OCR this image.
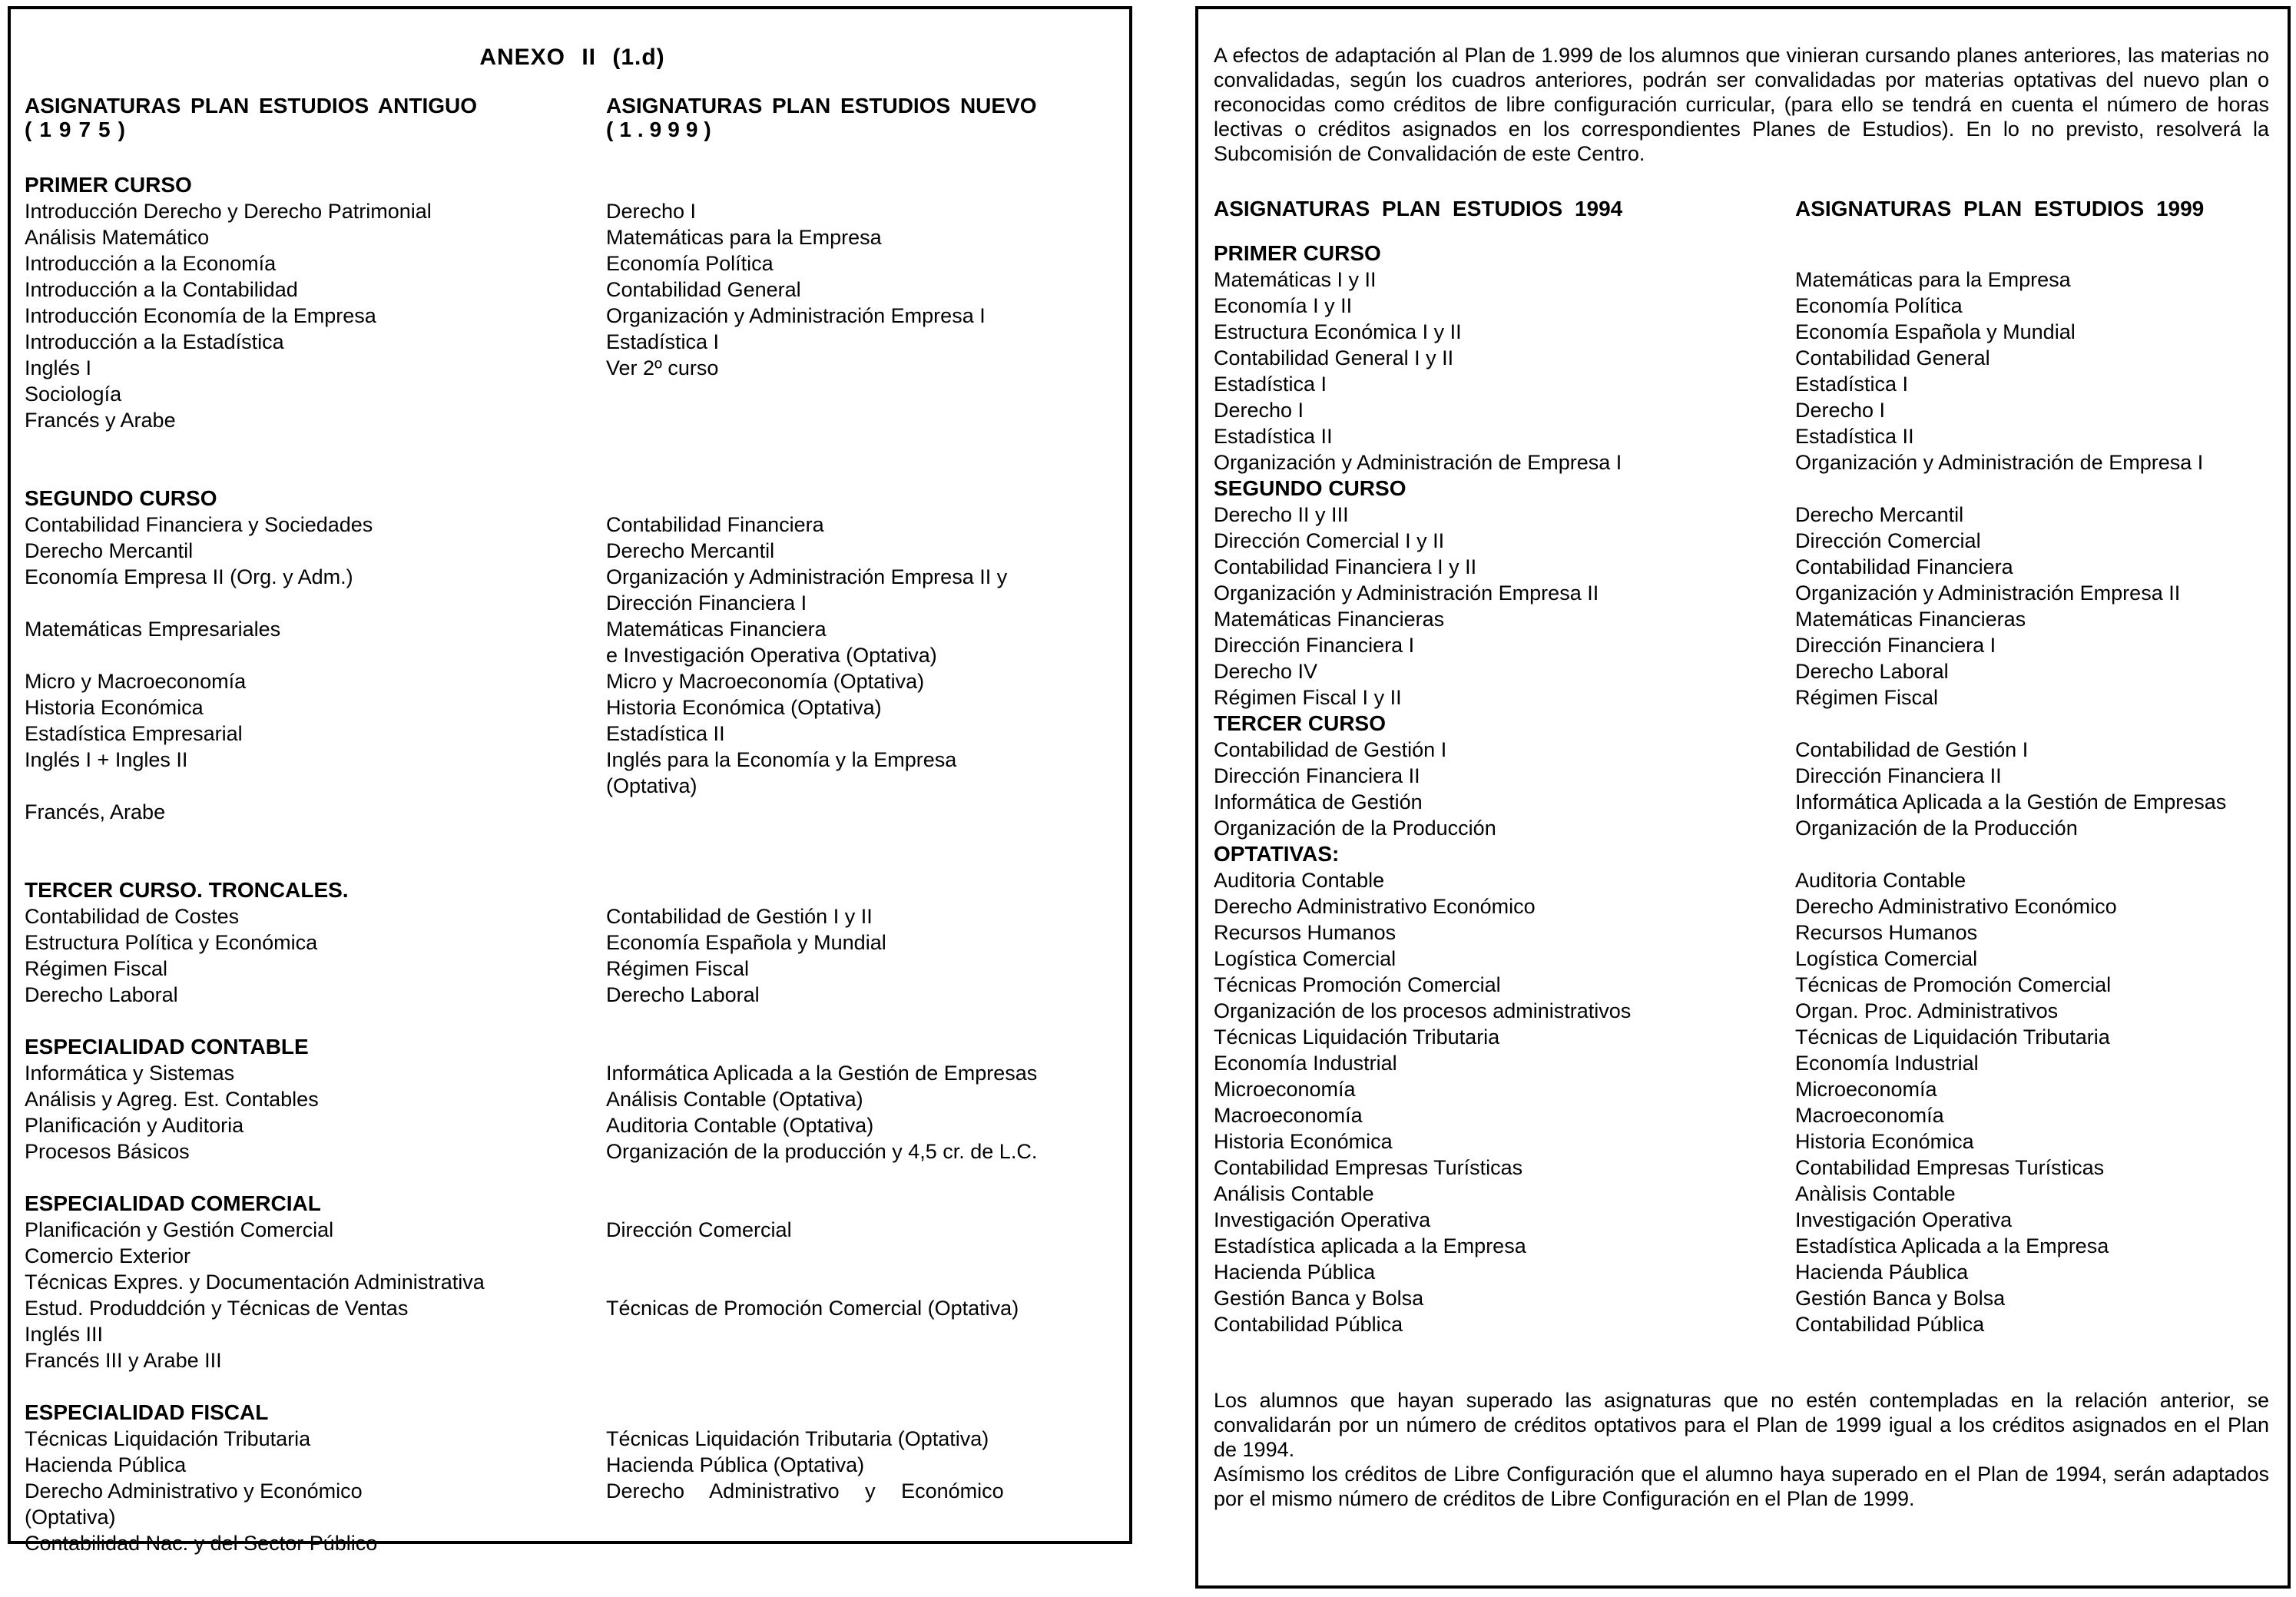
ANEXO II (1.d)
ASIGNATURAS PLAN ESTUDIOS ANTIGUO
(1975)
ASIGNATURAS PLAN ESTUDIOS NUEVO
(1.999)
PRIMER CURSO
Introducción Derecho y Derecho Patrimonial	Derecho I
Análisis Matemático	Matemáticas para la Empresa
Introducción a la Economía	Economía Política
Introducción a la Contabilidad	Contabilidad General
Introducción Economía de la Empresa	Organización y Administración Empresa I
Introducción a la Estadística	Estadística I
Inglés I	Ver 2º curso
Sociología
Francés y Arabe
SEGUNDO CURSO
Contabilidad Financiera y Sociedades	Contabilidad Financiera
Derecho Mercantil	Derecho Mercantil
Economía Empresa II (Org. y Adm.)	Organización y Administración Empresa II y
Dirección Financiera I
Matemáticas Empresariales	Matemáticas Financiera
e Investigación Operativa (Optativa)
Micro y Macroeconomía	Micro y Macroeconomía (Optativa)
Historia Económica	Historia Económica (Optativa)
Estadística Empresarial	Estadística II
Inglés I + Ingles II	Inglés para la Economía y la Empresa
(Optativa)
Francés, Arabe
TERCER CURSO. TRONCALES.
Contabilidad de Costes	Contabilidad de Gestión I y II
Estructura Política y Económica	Economía Española y Mundial
Régimen Fiscal	Régimen Fiscal
Derecho Laboral	Derecho Laboral
ESPECIALIDAD CONTABLE
Informática y Sistemas	Informática Aplicada a la Gestión de Empresas
Análisis y Agreg. Est. Contables	Análisis Contable (Optativa)
Planificación y Auditoria	Auditoria Contable (Optativa)
Procesos Básicos	Organización de la producción y 4,5 cr. de L.C.
ESPECIALIDAD COMERCIAL
Planificación y Gestión Comercial	Dirección Comercial
Comercio Exterior
Técnicas Expres. y Documentación Administrativa
Estud. Produddción y Técnicas de Ventas	Técnicas de Promoción Comercial (Optativa)
Inglés III
Francés III y Arabe III
ESPECIALIDAD FISCAL
Técnicas Liquidación Tributaria	Técnicas Liquidación Tributaria (Optativa)
Hacienda Pública	Hacienda Pública (Optativa)
Derecho Administrativo y Económico	Derecho Administrativo y Económico
(Optativa)
Contabilidad Nac. y del Sector Público

A efectos de adaptación al Plan de 1.999 de los alumnos que vinieran cursando planes anteriores, las materias no convalidadas, según los cuadros anteriores, podrán ser convalidadas por materias optativas del nuevo plan o reconocidas como créditos de libre configuración curricular, (para ello se tendrá en cuenta el número de horas lectivas o créditos asignados en los correspondientes Planes de Estudios). En lo no previsto, resolverá la Subcomisión de Convalidación de este Centro.

ASIGNATURAS PLAN ESTUDIOS 1994	ASIGNATURAS PLAN ESTUDIOS 1999
PRIMER CURSO
Matemáticas I y II	Matemáticas para la Empresa
Economía I y II	Economía Política
Estructura Económica I y II	Economía Española y Mundial
Contabilidad General I y II	Contabilidad General
Estadística I	Estadística I
Derecho I	Derecho I
Estadística II	Estadística II
Organización y Administración de Empresa I	Organización y Administración de Empresa I
SEGUNDO CURSO
Derecho II y III	Derecho Mercantil
Dirección Comercial I y II	Dirección Comercial
Contabilidad Financiera I y II	Contabilidad Financiera
Organización y Administración Empresa II	Organización y Administración Empresa II
Matemáticas Financieras	Matemáticas Financieras
Dirección Financiera I	Dirección Financiera I
Derecho IV	Derecho Laboral
Régimen Fiscal I y II	Régimen Fiscal
TERCER CURSO
Contabilidad de Gestión I	Contabilidad de Gestión I
Dirección Financiera II	Dirección Financiera II
Informática de Gestión	Informática Aplicada a la Gestión de Empresas
Organización de la Producción	Organización de la Producción
OPTATIVAS:
Auditoria Contable	Auditoria Contable
Derecho Administrativo Económico	Derecho Administrativo Económico
Recursos Humanos	Recursos Humanos
Logística Comercial	Logística Comercial
Técnicas Promoción Comercial	Técnicas de Promoción Comercial
Organización de los procesos administrativos	Organ. Proc. Administrativos
Técnicas Liquidación Tributaria	Técnicas de Liquidación Tributaria
Economía Industrial	Economía Industrial
Microeconomía	Microeconomía
Macroeconomía	Macroeconomía
Historia Económica	Historia Económica
Contabilidad Empresas Turísticas	Contabilidad Empresas Turísticas
Análisis Contable	Anàlisis Contable
Investigación Operativa	Investigación Operativa
Estadística aplicada a la Empresa	Estadística Aplicada a la Empresa
Hacienda Pública	Hacienda Páublica
Gestión Banca y Bolsa	Gestión Banca y Bolsa
Contabilidad Pública	Contabilidad Pública

Los alumnos que hayan superado las asignaturas que no estén contempladas en la relación anterior, se convalidarán por un número de créditos optativos para el Plan de 1999 igual a los créditos asignados en el Plan de 1994.

Asímismo los créditos de Libre Configuración que el alumno haya superado en el Plan de 1994, serán adaptados por el mismo número de créditos de Libre Configuración en el Plan de 1999.
